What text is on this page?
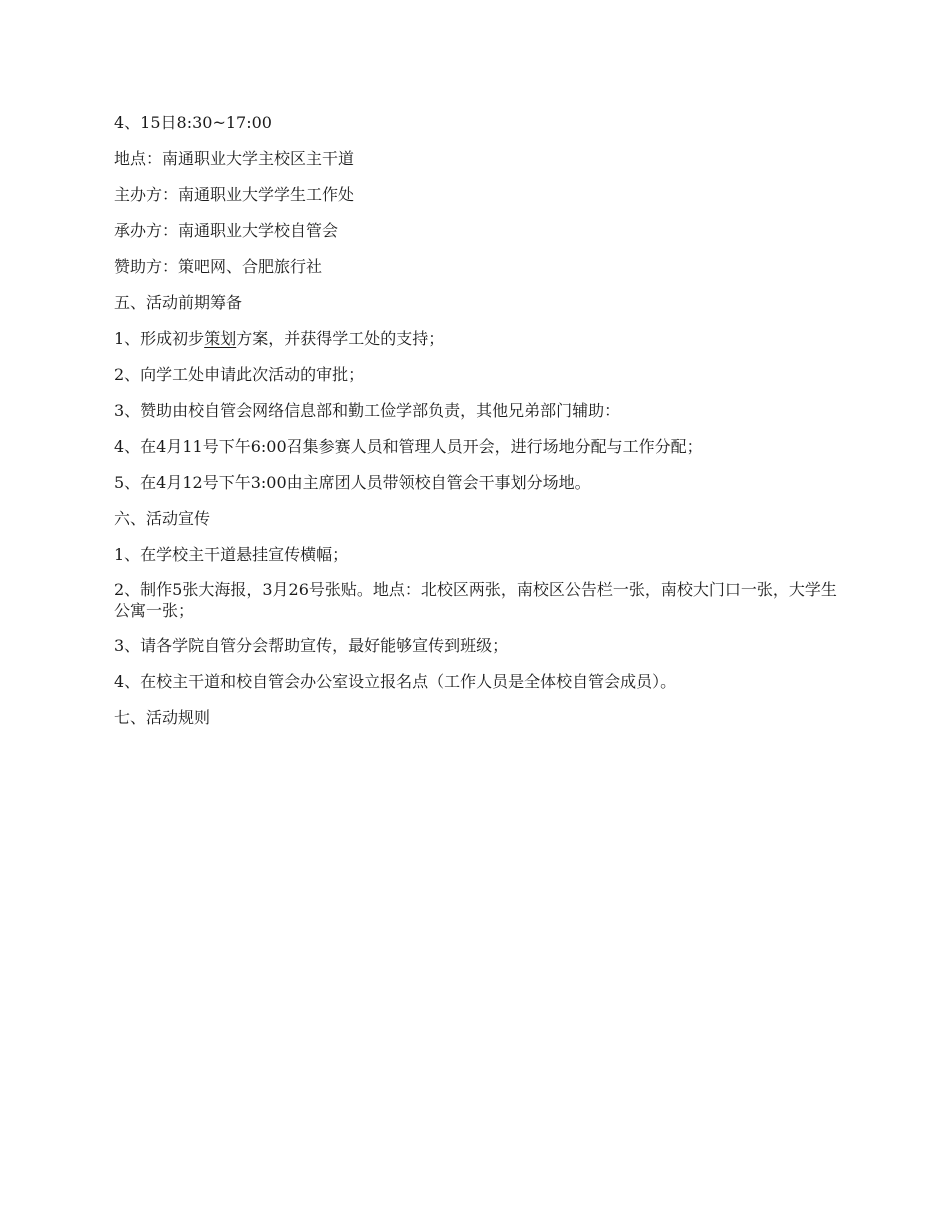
4、15日8:30~17:00

地点：南通职业大学主校区主干道

主办方：南通职业大学学生工作处

承办方：南通职业大学校自管会

赞助方：策吧网、合肥旅行社

五、活动前期筹备

1、形成初步策划方案，并获得学工处的支持；

2、向学工处申请此次活动的审批；

3、赞助由校自管会网络信息部和勤工俭学部负责，其他兄弟部门辅助：

4、在4月11号下午6:00召集参赛人员和管理人员开会，进行场地分配与工作分配；

5、在4月12号下午3:00由主席团人员带领校自管会干事划分场地。

六、活动宣传

1、在学校主干道悬挂宣传横幅；

2、制作5张大海报，3月26号张贴。地点：北校区两张，南校区公告栏一张，南校大门口一张，大学生公寓一张；

3、请各学院自管分会帮助宣传，最好能够宣传到班级；

4、在校主干道和校自管会办公室设立报名点（工作人员是全体校自管会成员）。

七、活动规则
